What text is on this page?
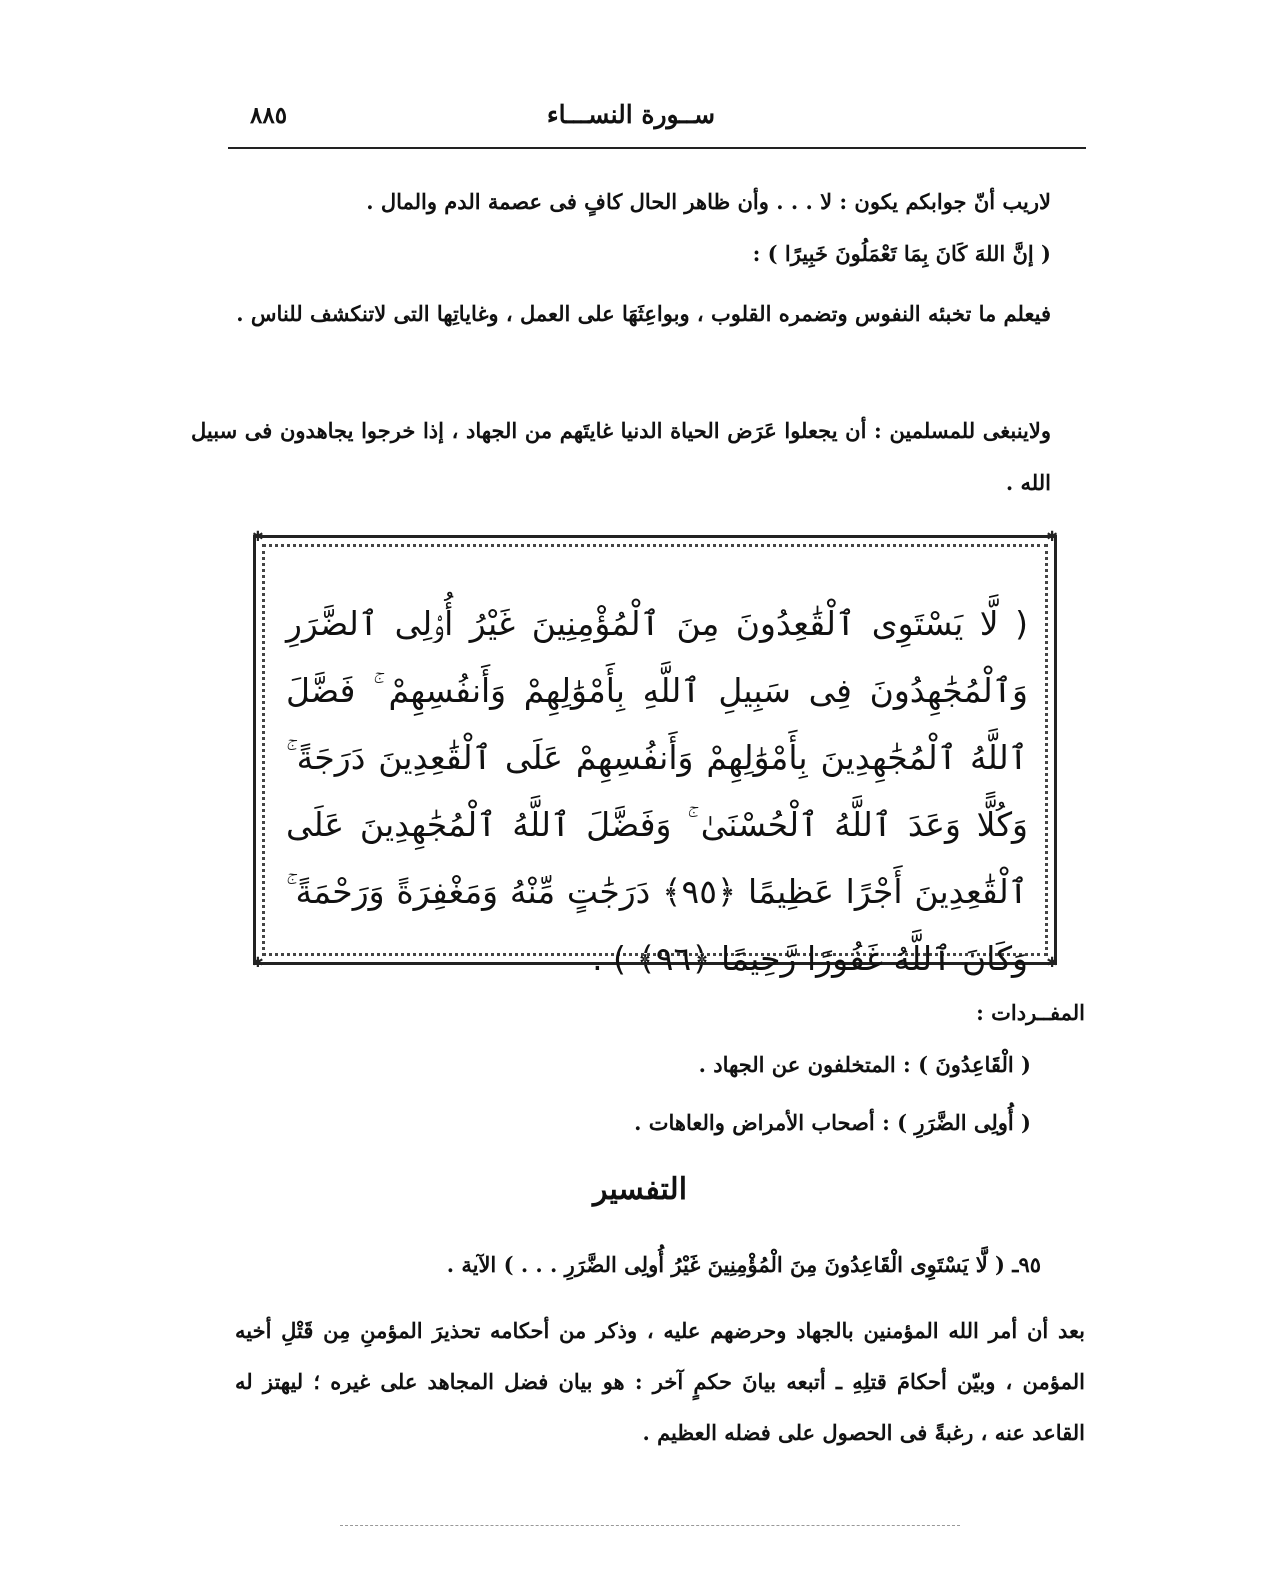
ســورة النســـاء
٨٨٥
لاريب أنّ جوابكم يكون : لا . . . وأن ظاهر الحال كافٍ فى عصمة الدم والمال .
( إنَّ اللهَ كَانَ بِمَا تَعْمَلُونَ خَبِيرًا ) :
فيعلم ما تخبئه النفوس وتضمره القلوب ، وبواعِثَهَا على العمل ، وغاياتِها التى لاتنكشف للناس .
ولاينبغى للمسلمين : أن يجعلوا عَرَض الحياة الدنيا غايتَهم من الجهاد ، إذا خرجوا يجاهدون فى سبيل الله .
✱	✱
✱	✱
( لَّا يَسْتَوِى ٱلْقَٰعِدُونَ مِنَ ٱلْمُؤْمِنِينَ غَيْرُ أُو۟لِى ٱلضَّرَرِ وَٱلْمُجَٰهِدُونَ فِى سَبِيلِ ٱللَّهِ بِأَمْوَٰلِهِمْ وَأَنفُسِهِمْ ۚ فَضَّلَ ٱللَّهُ ٱلْمُجَٰهِدِينَ بِأَمْوَٰلِهِمْ وَأَنفُسِهِمْ عَلَى ٱلْقَٰعِدِينَ دَرَجَةً ۚ وَكُلًّا وَعَدَ ٱللَّهُ ٱلْحُسْنَىٰ ۚ وَفَضَّلَ ٱللَّهُ ٱلْمُجَٰهِدِينَ عَلَى ٱلْقَٰعِدِينَ أَجْرًا عَظِيمًا ﴿٩٥﴾ دَرَجَٰتٍ مِّنْهُ وَمَغْفِرَةً وَرَحْمَةً ۚ وَكَانَ ٱللَّهُ غَفُورًا رَّحِيمًا ﴿٩٦﴾ ) .
المفــردات :
( الْقَاعِدُونَ ) : المتخلفون عن الجهاد .
( أُولِى الضَّرَرِ ) : أصحاب الأمراض والعاهات .
التفسير
٩٥ـ ( لَّا يَسْتَوِى الْقَاعِدُونَ مِنَ الْمُؤْمِنِينَ غَيْرُ أُولِى الضَّرَرِ . . . ) الآية .
بعد أن أمر الله المؤمنين بالجهاد وحرضهم عليه ، وذكر من أحكامه تحذيرَ المؤمنِ مِن قَتْلِ أخيه المؤمن ، وبيّن أحكامَ قتلِهِ ـ أتبعه بيانَ حكمٍ آخر : هو بيان فضل المجاهد على غيره ؛ ليهتز له القاعد عنه ، رغبةً فى الحصول على فضله العظيم .
